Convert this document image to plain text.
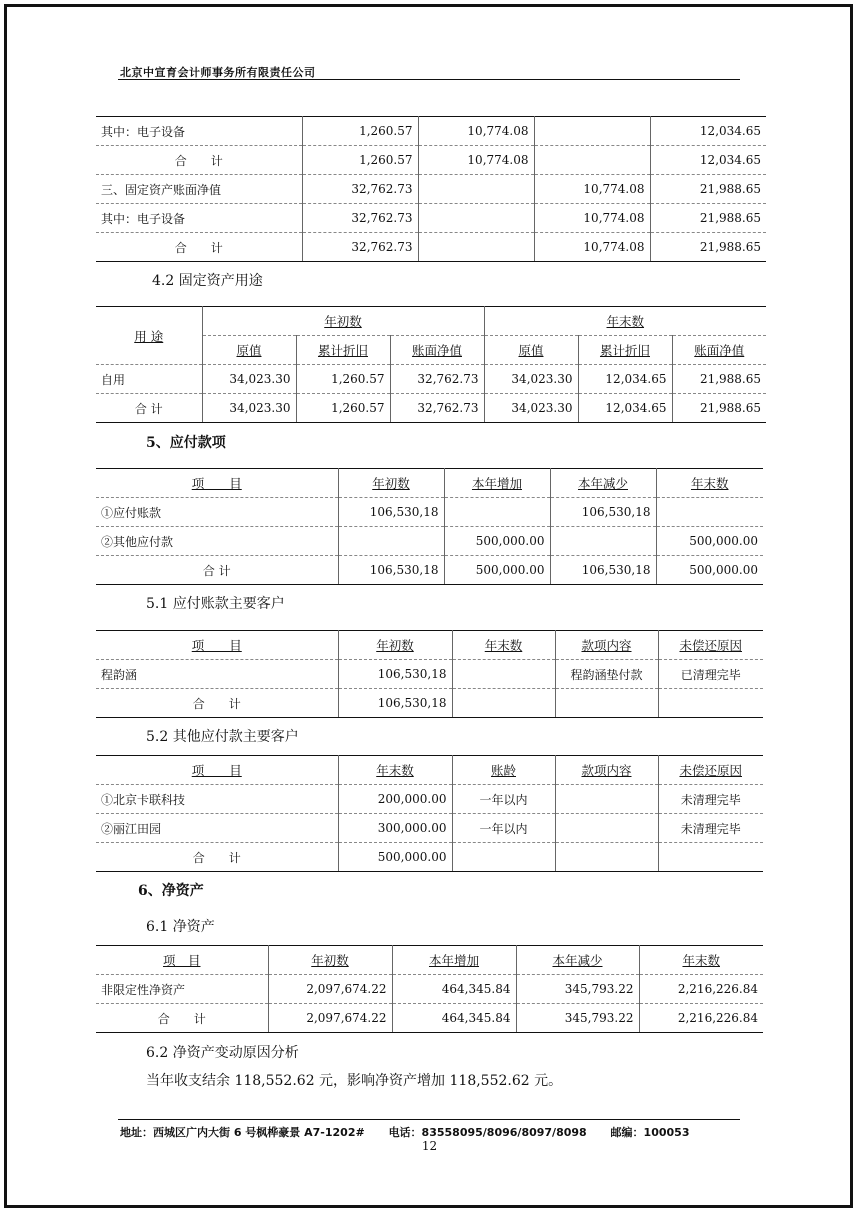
北京中宣育会计师事务所有限责任公司
其中：电子设备	1,260.57	10,774.08		12,034.65
合　　计	1,260.57	10,774.08		12,034.65
三、固定资产账面净值	32,762.73		10,774.08	21,988.65
其中：电子设备	32,762.73		10,774.08	21,988.65
合　　计	32,762.73		10,774.08	21,988.65
4.2 固定资产用途
用 途	年初数			年末数		
	原值	累计折旧	账面净值	原值	累计折旧	账面净值
自用	34,023.30	1,260.57	32,762.73	34,023.30	12,034.65	21,988.65
合 计	34,023.30	1,260.57	32,762.73	34,023.30	12,034.65	21,988.65
5、应付款项
项　　目	年初数	本年增加	本年减少	年末数
①应付账款	106,530,18		106,530,18	
②其他应付款		500,000.00		500,000.00
合 计	106,530,18	500,000.00	106,530,18	500,000.00
5.1 应付账款主要客户
项　　目	年初数	年末数	款项内容	未偿还原因
程韵涵	106,530,18		程韵涵垫付款	已清理完毕
合　　计	106,530,18			
5.2 其他应付款主要客户
项　　目	年末数	账龄	款项内容	未偿还原因
①北京卡联科技	200,000.00	一年以内		未清理完毕
②丽江田园	300,000.00	一年以内		未清理完毕
合　　计	500,000.00			
6、净资产
6.1 净资产
项　目	年初数	本年增加	本年减少	年末数
非限定性净资产	2,097,674.22	464,345.84	345,793.22	2,216,226.84
合　　计	2,097,674.22	464,345.84	345,793.22	2,216,226.84
6.2 净资产变动原因分析
当年收支结余 118,552.62 元，影响净资产增加 118,552.62 元。
地址：西城区广内大街 6 号枫桦豪景 A7-1202# 电话：83558095/8096/8097/8098 邮编：100053
12
